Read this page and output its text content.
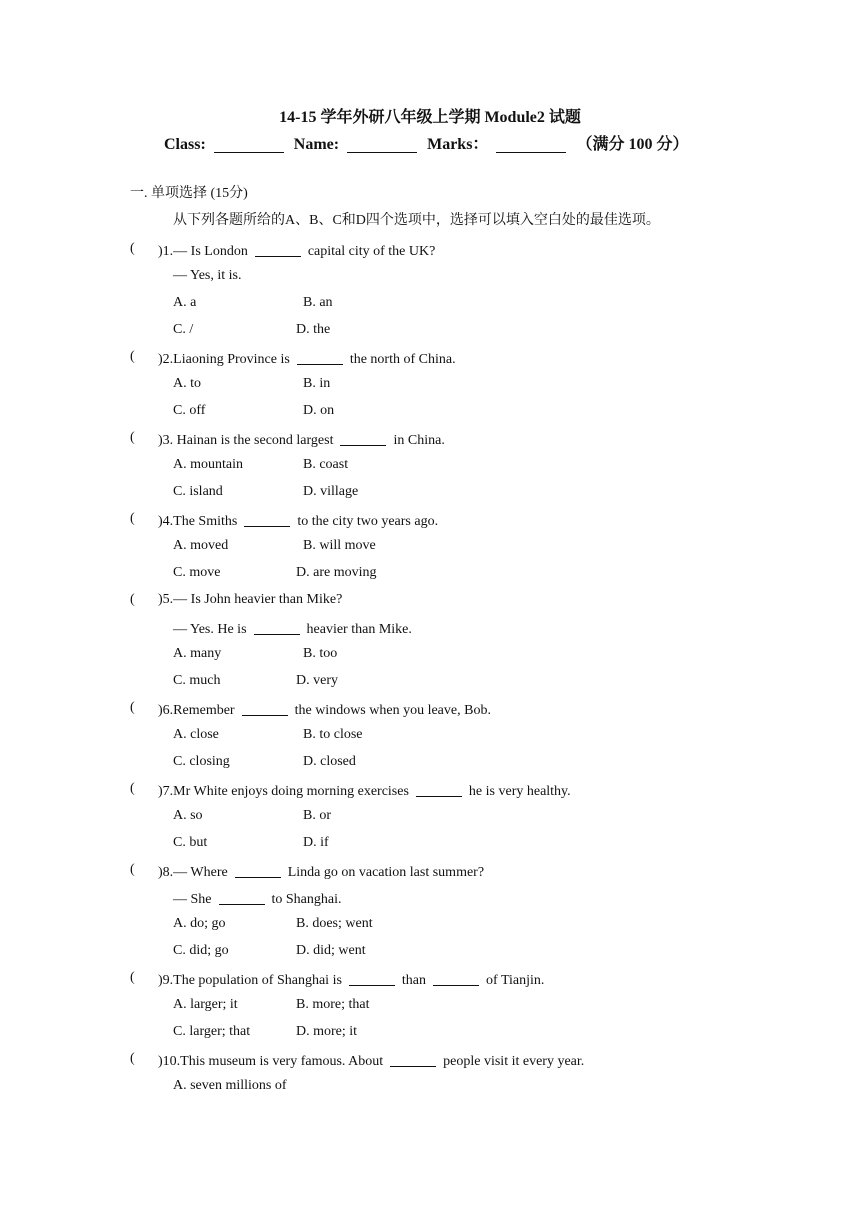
14-15 学年外研八年级上学期 Module2 试题
Class:	Name:	Marks：	（满分 100 分）
一. 单项选择 (15分)
从下列各题所给的A、B、C和D四个选项中，选择可以填入空白处的最佳选项。
( )1.— Is London	capital city of the UK?
— Yes, it is.
A. a	B. an
C. /	D. the
( )2.Liaoning Province is	the north of China.
A. to	B. in
C. off	D. on
( )3. Hainan is the second largest	in China.
A. mountain	B. coast
C. island	D. village
( )4.The Smiths	to the city two years ago.
A. moved	B. will move
C. move	D. are moving
( )5.— Is John heavier than Mike?
— Yes. He is	heavier than Mike.
A. many	B. too
C. much	D. very
( )6.Remember	the windows when you leave, Bob.
A. close	B. to close
C. closing	D. closed
( )7.Mr White enjoys doing morning exercises	he is very healthy.
A. so	B. or
C. but	D. if
( )8.— Where	Linda go on vacation last summer?
— She	to Shanghai.
A. do; go	B. does; went
C. did; go	D. did; went
( )9.The population of Shanghai is	than	of Tianjin.
A. larger; it	B. more; that
C. larger; that	D. more; it
( )10.This museum is very famous. About	people visit it every year.
A. seven millions of
